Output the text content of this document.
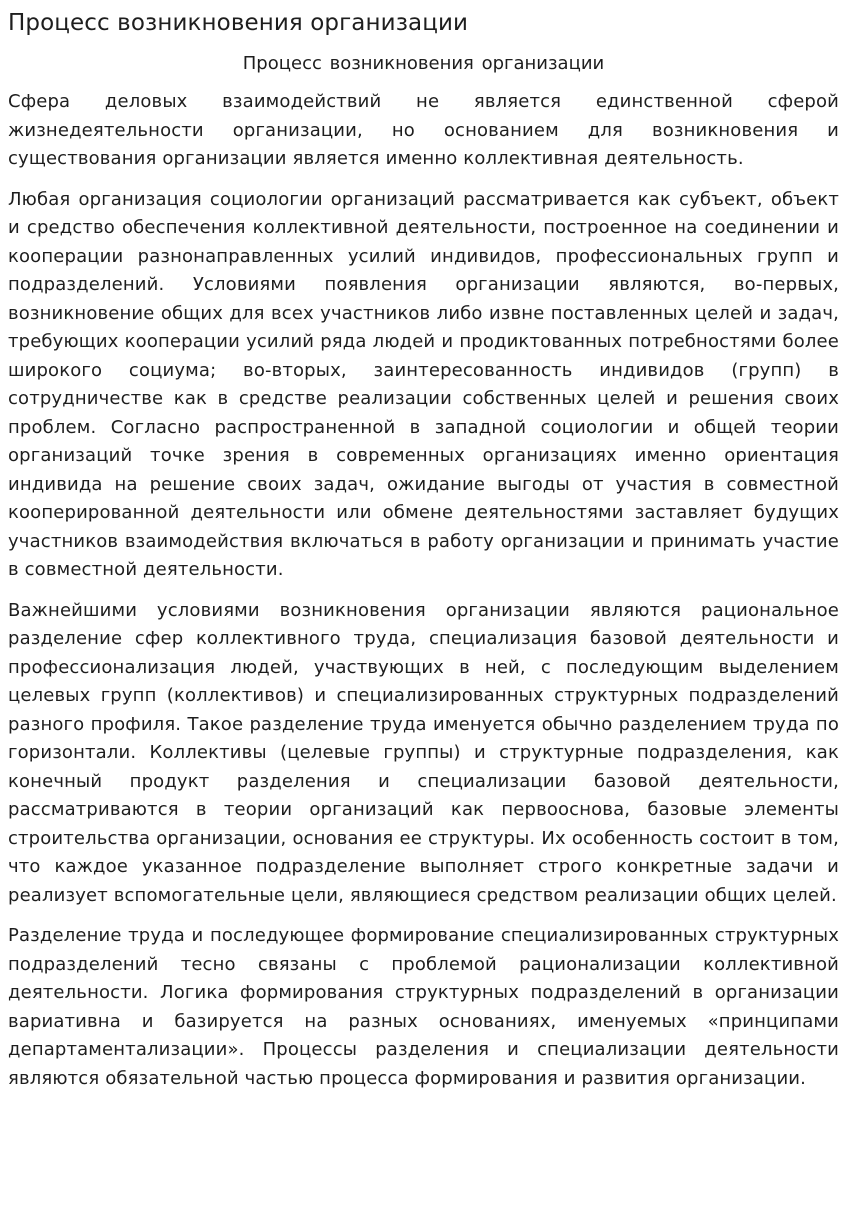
Процесс возникновения организации
Процесс возникновения организации

Сфера деловых взаимодействий не является единственной сферой жизнедеятельности организации, но основанием для возникновения и существования организации является именно коллективная деятельность.

Любая организация социологии организаций рассматривается как субъект, объект и средство обеспечения коллективной деятельности, построенное на соединении и кооперации разнонаправленных усилий индивидов, профессиональных групп и подразделений. Условиями появления организации являются, во-первых, возникновение общих для всех участников либо извне поставленных целей и задач, требующих кооперации усилий ряда людей и продиктованных потребностями более широкого социума; во-вторых, заинтересованность индивидов (групп) в сотрудничестве как в средстве реализации собственных целей и решения своих проблем. Согласно распространенной в западной социологии и общей теории организаций точке зрения в современных организациях именно ориентация индивида на решение своих задач, ожидание выгоды от участия в совместной кооперированной деятельности или обмене деятельностями заставляет будущих участников взаимодействия включаться в работу организации и принимать участие в совместной деятельности.

Важнейшими условиями возникновения организации являются рациональное разделение сфер коллективного труда, специализация базовой деятельности и профессионализация людей, участвующих в ней, с последующим выделением целевых групп (коллективов) и специализированных структурных подразделений разного профиля. Такое разделение труда именуется обычно разделением труда по горизонтали. Коллективы (целевые группы) и структурные подразделения, как конечный продукт разделения и специализации базовой деятельности, рассматриваются в теории организаций как первооснова, базовые элементы строительства организации, основания ее структуры. Их особенность состоит в том, что каждое указанное подразделение выполняет строго конкретные задачи и реализует вспомогательные цели, являющиеся средством реализации общих целей.

Разделение труда и последующее формирование специализированных структурных подразделений тесно связаны с проблемой рационализации коллективной деятельности. Логика формирования структурных подразделений в организации вариативна и базируется на разных основаниях, именуемых «принципами департаментализации». Процессы разделения и специализации деятельности являются обязательной частью процесса формирования и развития организации.
